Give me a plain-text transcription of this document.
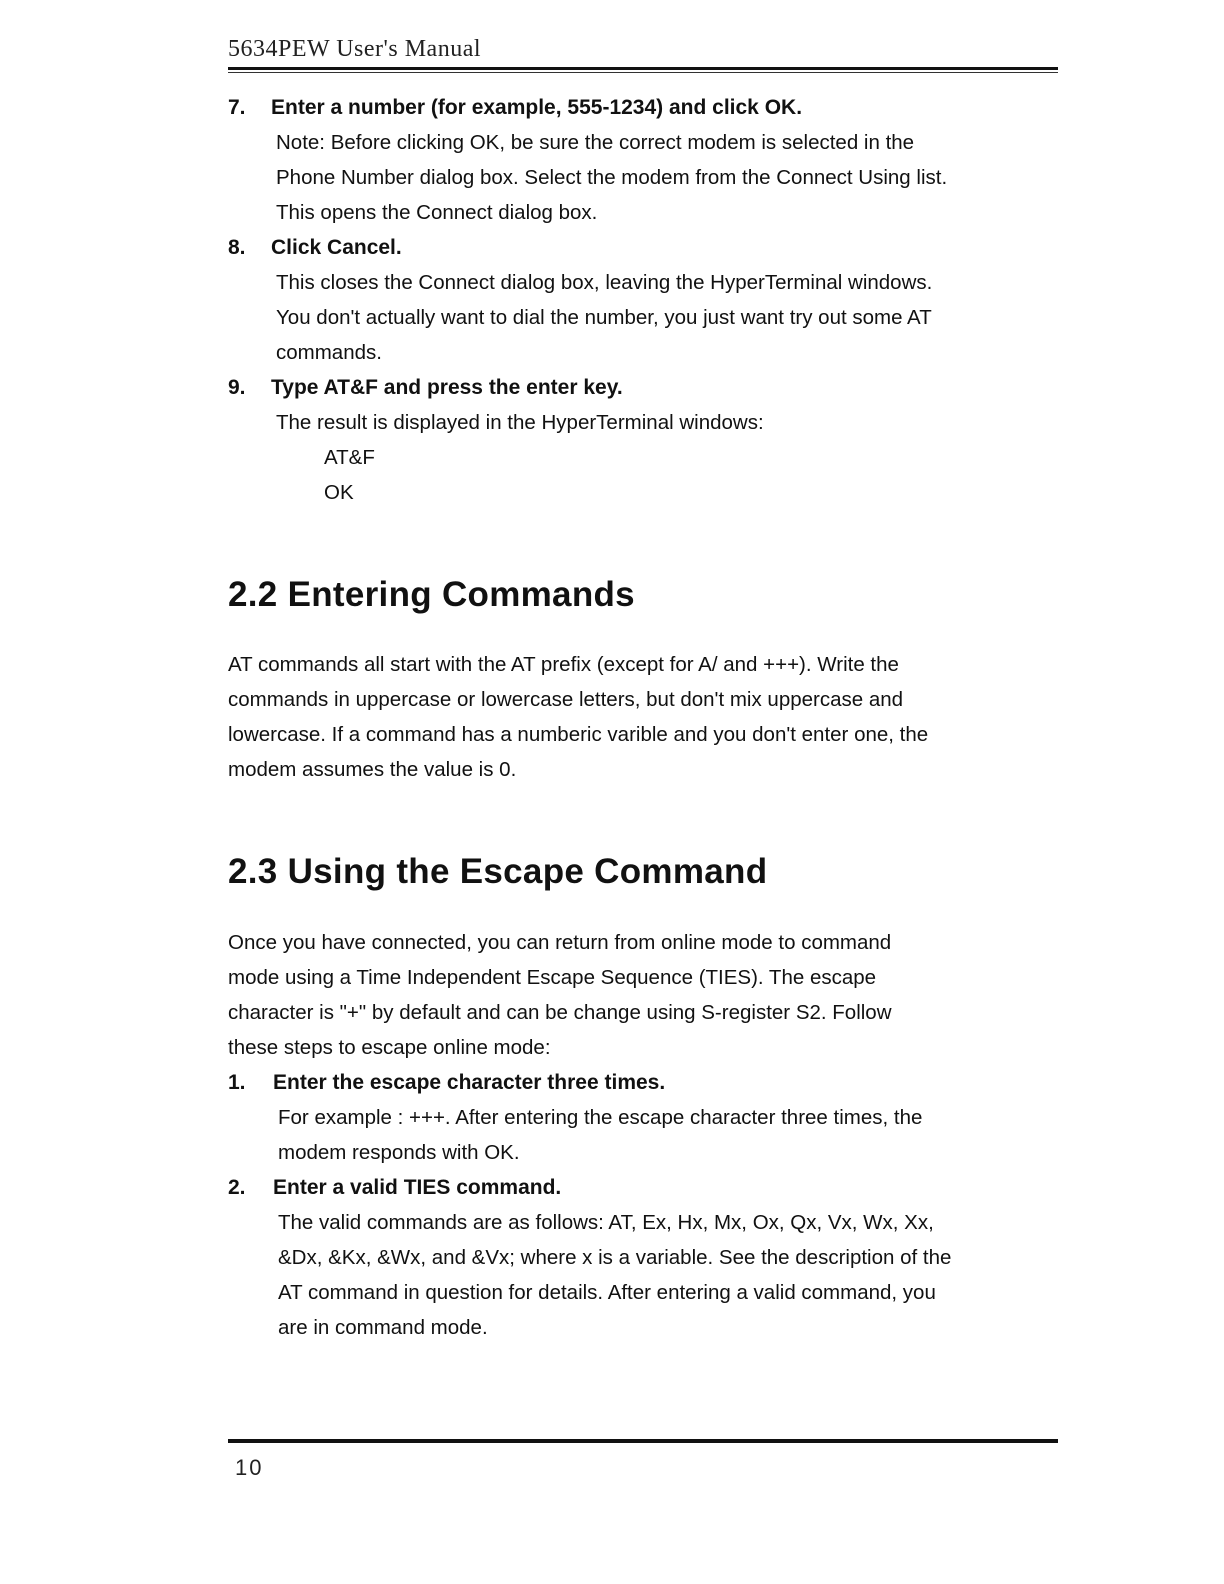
5634PEW User's Manual
7.	Enter a number (for example, 555-1234) and click OK.
Note: Before clicking OK, be sure the correct modem is selected in the
Phone Number dialog box. Select the modem from the Connect Using list.
This opens the Connect dialog box.
8.	Click Cancel.
This closes the Connect dialog box, leaving the HyperTerminal windows.
You don't actually want to dial the number, you just want try out some AT
commands.
9.	Type AT&F and press the enter key.
The result is displayed in the HyperTerminal windows:
AT&F
OK
2.2 Entering Commands
AT commands all start with the AT prefix (except for A/ and +++). Write the
commands in uppercase or lowercase letters, but don't mix uppercase and
lowercase. If a command has a numberic varible and you don't enter one, the
modem assumes the value is 0.
2.3 Using the Escape Command
Once you have connected, you can return from online mode to command
mode using a Time Independent Escape Sequence (TIES). The escape
character is "+" by default and can be change using S-register S2. Follow
these steps to escape online mode:
1.	Enter the escape character three times.
For example : +++. After entering the escape character three times, the
modem responds with OK.
2.	Enter a valid TIES command.
The valid commands are as follows: AT, Ex, Hx, Mx, Ox, Qx, Vx, Wx, Xx,
&Dx, &Kx, &Wx, and &Vx; where x is a variable. See the description of the
AT command in question for details. After entering a valid command, you
are in command mode.
10
